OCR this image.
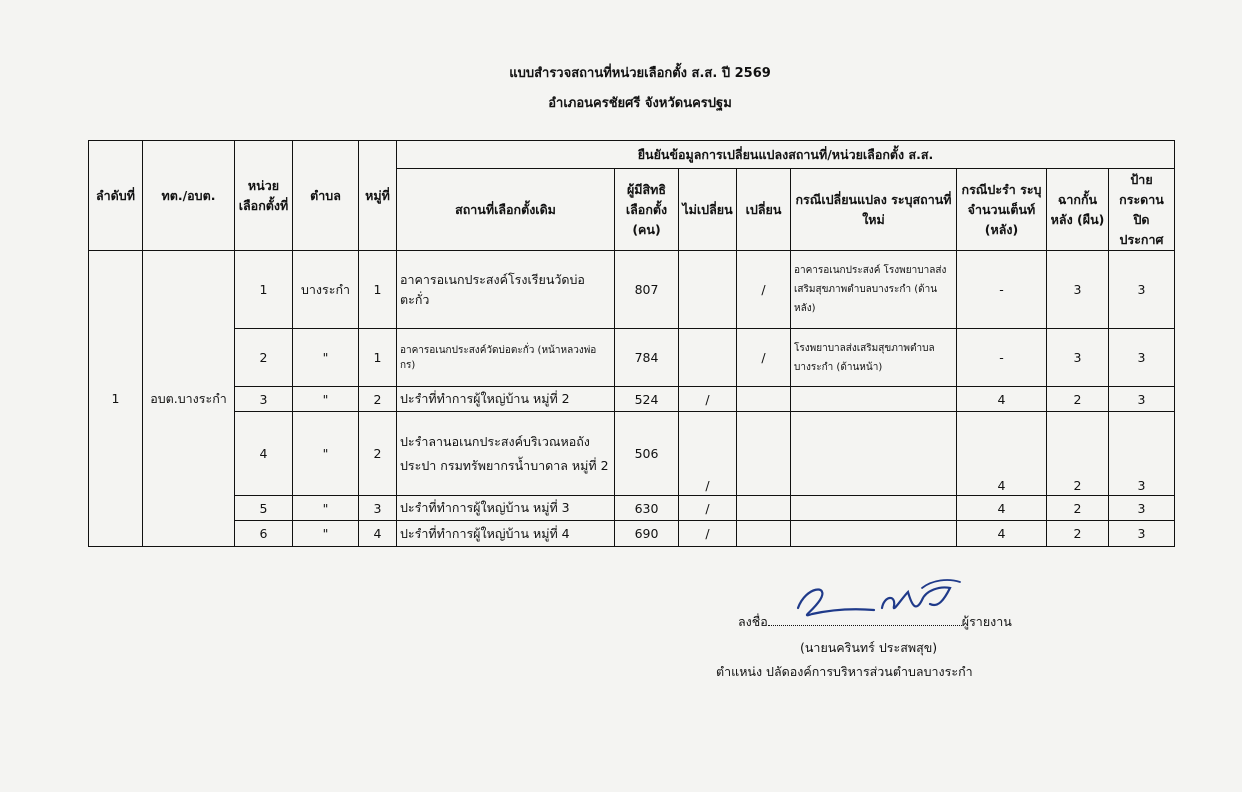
แบบสำรวจสถานที่หน่วยเลือกตั้ง ส.ส. ปี 2569
อำเภอนครชัยศรี จังหวัดนครปฐม
ลำดับที่	ทต./อบต.	หน่วยเลือกตั้งที่	ตำบล	หมู่ที่	ยืนยันข้อมูลการเปลี่ยนแปลงสถานที่/หน่วยเลือกตั้ง ส.ส.							
					สถานที่เลือกตั้งเดิม	ผู้มีสิทธิเลือกตั้ง (คน)	ไม่เปลี่ยน	เปลี่ยน	กรณีเปลี่ยนแปลง ระบุสถานที่ใหม่	กรณีปะรำ ระบุจำนวนเต็นท์ (หลัง)	ฉากกั้นหลัง (ผืน)	ป้ายกระดานปิดประกาศ
1	อบต.บางระกำ	1	บางระกำ	1	อาคารอเนกประสงค์โรงเรียนวัดบ่อตะกั่ว	807		/	อาคารอเนกประสงค์ โรงพยาบาลส่งเสริมสุขภาพตำบลบางระกำ (ด้านหลัง)	-	3	3
		2	"	1	อาคารอเนกประสงค์วัดบ่อตะกั่ว (หน้าหลวงพ่อกร)	784		/	โรงพยาบาลส่งเสริมสุขภาพตำบลบางระกำ (ด้านหน้า)	-	3	3
		3	"	2	ปะรำที่ทำการผู้ใหญ่บ้าน หมู่ที่ 2	524	/			4	2	3
		4	"	2	ปะรำลานอเนกประสงค์บริเวณหอถังประปา กรมทรัพยากรน้ำบาดาล หมู่ที่ 2	506	/			4	2	3
		5	"	3	ปะรำที่ทำการผู้ใหญ่บ้าน หมู่ที่ 3	630	/			4	2	3
		6	"	4	ปะรำที่ทำการผู้ใหญ่บ้าน หมู่ที่ 4	690	/			4	2	3
ลงชื่อ	ผู้รายงาน
(นายนครินทร์ ประสพสุข)
ตำแหน่ง ปลัดองค์การบริหารส่วนตำบลบางระกำ
